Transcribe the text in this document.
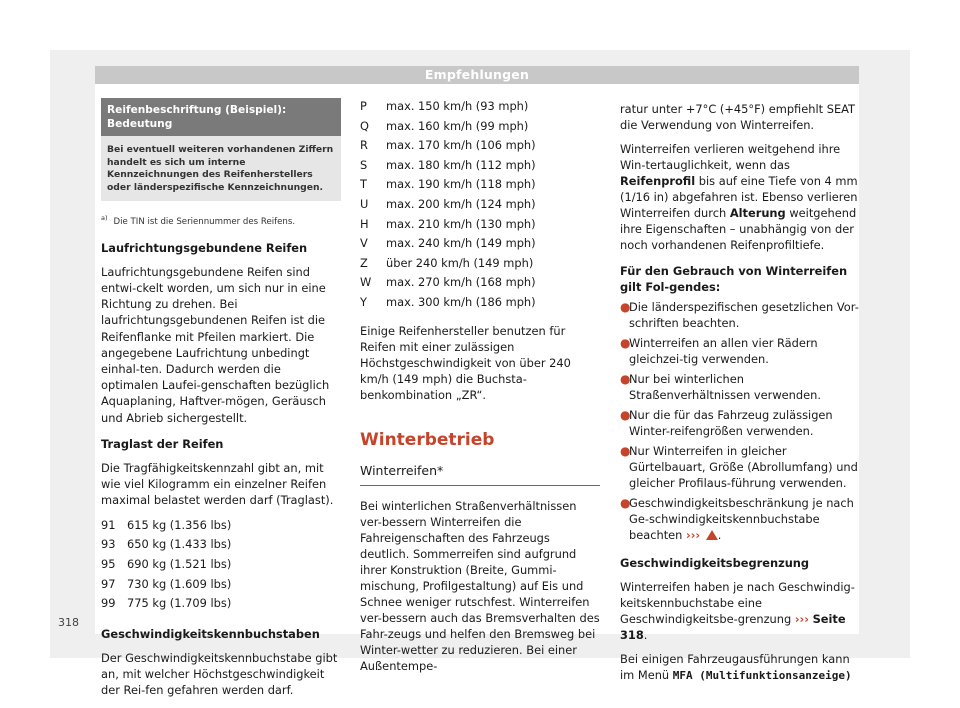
Empfehlungen
Reifenbeschriftung (Beispiel): Bedeutung
Bei eventuell weiteren vorhandenen Ziffern handelt es sich um interne Kennzeichnungen des Reifenherstellers oder länderspezifische Kennzeichnungen.
$^{a)}$ Die TIN ist die Seriennummer des Reifens.

Laufrichtungsgebundene Reifen

Laufrichtungsgebundene Reifen sind entwi-ckelt worden, um sich nur in eine Richtung zu drehen. Bei laufrichtungsgebundenen Reifen ist die Reifenflanke mit Pfeilen markiert. Die angegebene Laufrichtung unbedingt einhal-ten. Dadurch werden die optimalen Laufei-genschaften bezüglich Aquaplaning, Haftver-mögen, Geräusch und Abrieb sichergestellt.

Traglast der Reifen

Die Tragfähigkeitskennzahl gibt an, mit wie viel Kilogramm ein einzelner Reifen maximal belastet werden darf (Traglast).

91	615 kg (1.356 lbs)
93	650 kg (1.433 lbs)
95	690 kg (1.521 lbs)
97	730 kg (1.609 lbs)
99	775 kg (1.709 lbs)

Geschwindigkeitskennbuchstaben

Der Geschwindigkeitskennbuchstabe gibt an, mit welcher Höchstgeschwindigkeit der Rei-fen gefahren werden darf.

P	max. 150 km/h (93 mph)
Q	max. 160 km/h (99 mph)
R	max. 170 km/h (106 mph)
S	max. 180 km/h (112 mph)
T	max. 190 km/h (118 mph)
U	max. 200 km/h (124 mph)
H	max. 210 km/h (130 mph)
V	max. 240 km/h (149 mph)
Z	über 240 km/h (149 mph)
W	max. 270 km/h (168 mph)
Y	max. 300 km/h (186 mph)

Einige Reifenhersteller benutzen für Reifen mit einer zulässigen Höchstgeschwindigkeit von über 240 km/h (149 mph) die Buchsta-benkombination „ZR“.

Winterbetrieb

Winterreifen*

Bei winterlichen Straßenverhältnissen ver-bessern Winterreifen die Fahreigenschaften des Fahrzeugs deutlich. Sommerreifen sind aufgrund ihrer Konstruktion (Breite, Gummi-mischung, Profilgestaltung) auf Eis und Schnee weniger rutschfest. Winterreifen ver-bessern auch das Bremsverhalten des Fahr-zeugs und helfen den Bremsweg bei Winter-wetter zu reduzieren. Bei einer Außentempe-

ratur unter +7°C (+45°F) empfiehlt SEAT die Verwendung von Winterreifen.

Winterreifen verlieren weitgehend ihre Win-tertauglichkeit, wenn das Reifenprofil bis auf eine Tiefe von 4 mm (1/16 in) abgefahren ist. Ebenso verlieren Winterreifen durch Alterung weitgehend ihre Eigenschaften – unabhängig von der noch vorhandenen Reifenprofiltiefe.

Für den Gebrauch von Winterreifen gilt Fol-gendes:

●
Die länderspezifischen gesetzlichen Vor-schriften beachten.
●
Winterreifen an allen vier Rädern gleichzei-tig verwenden.
●
Nur bei winterlichen Straßenverhältnissen verwenden.
●
Nur die für das Fahrzeug zulässigen Winter-reifengrößen verwenden.
●
Nur Winterreifen in gleicher Gürtelbauart, Größe (Abrollumfang) und gleicher Profilaus-führung verwenden.
●
Geschwindigkeitsbeschränkung je nach Ge-schwindigkeitskennbuchstabe beachten ››› .

Geschwindigkeitsbegrenzung

Winterreifen haben je nach Geschwindig-keitskennbuchstabe eine Geschwindigkeitsbe-grenzung ››› Seite 318.

Bei einigen Fahrzeugausführungen kann im Menü MFA (Multifunktionsanzeige)

318
